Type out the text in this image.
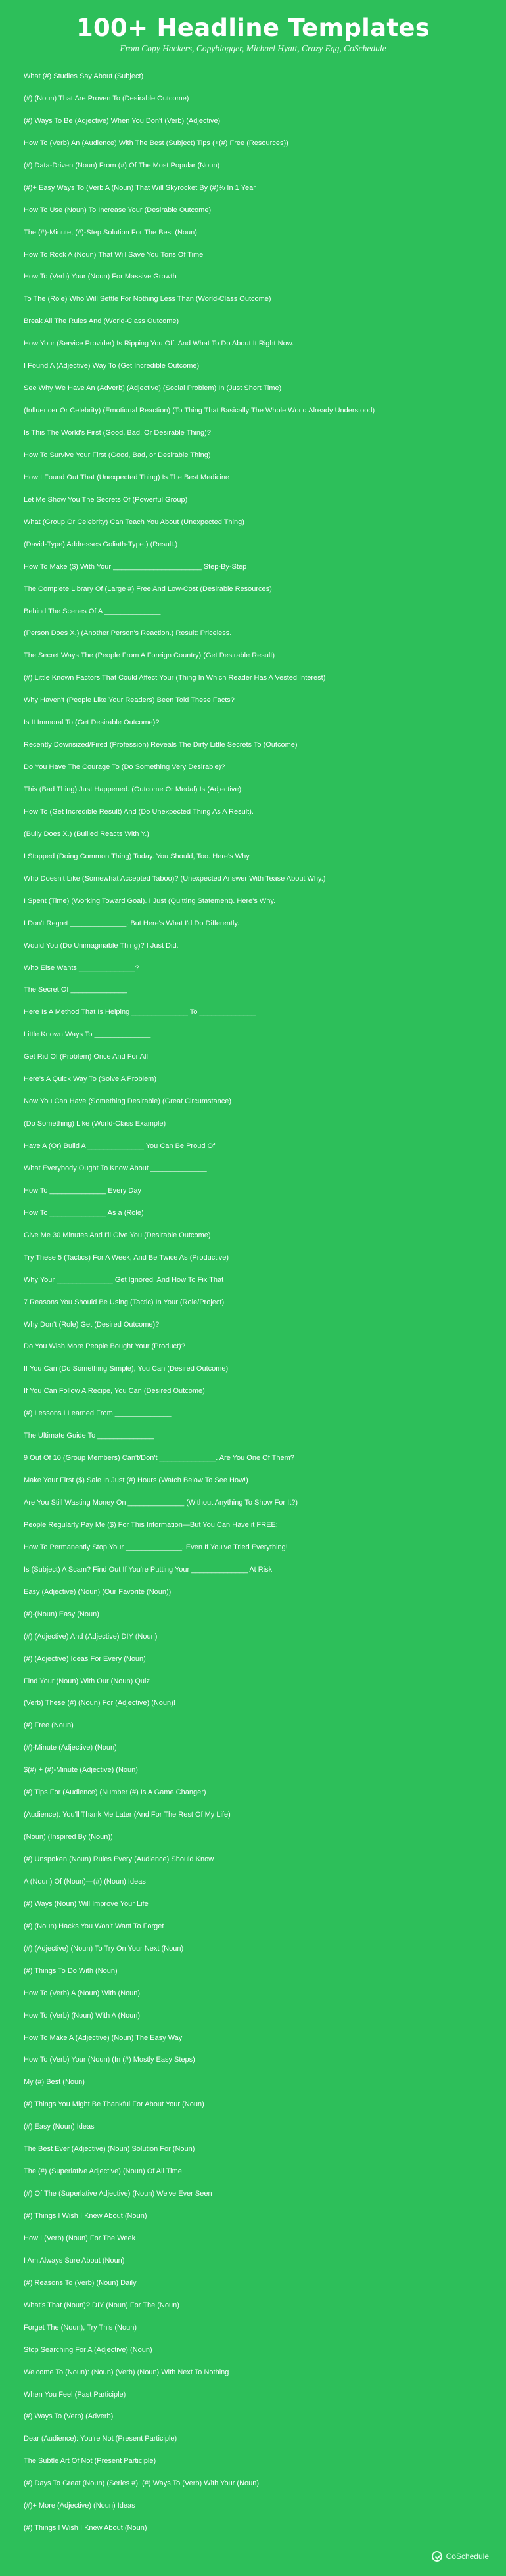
100+ Headline Templates
From Copy Hackers, Copyblogger, Michael Hyatt, Crazy Egg, CoSchedule
What (#) Studies Say About (Subject)
(#) (Noun) That Are Proven To (Desirable Outcome)
(#) Ways To Be (Adjective) When You Don't (Verb) (Adjective)
How To (Verb) An (Audience) With The Best (Subject) Tips (+(#) Free (Resources))
(#) Data-Driven (Noun) From (#) Of The Most Popular (Noun)
(#)+ Easy Ways To (Verb A (Noun) That Will Skyrocket By (#)% In 1 Year
How To Use (Noun) To Increase Your (Desirable Outcome)
The (#)-Minute, (#)-Step Solution For The Best (Noun)
How To Rock A (Noun) That Will Save You Tons Of Time
How To (Verb) Your (Noun) For Massive Growth
To The (Role) Who Will Settle For Nothing Less Than (World-Class Outcome)
Break All The Rules And (World-Class Outcome)
How Your (Service Provider) Is Ripping You Off. And What To Do About It Right Now.
I Found A (Adjective) Way To (Get Incredible Outcome)
See Why We Have An (Adverb) (Adjective) (Social Problem) In (Just Short Time)
(Influencer Or Celebrity) (Emotional Reaction) (To Thing That Basically The Whole World Already Understood)
Is This The World's First (Good, Bad, Or Desirable Thing)?
How To Survive Your First (Good, Bad, or Desirable Thing)
How I Found Out That (Unexpected Thing) Is The Best Medicine
Let Me Show You The Secrets Of (Powerful Group)
What (Group Or Celebrity) Can Teach You About (Unexpected Thing)
(David-Type) Addresses Goliath-Type.) (Result.)
How To Make ($) With Your ______________________ Step-By-Step
The Complete Library Of (Large #) Free And Low-Cost (Desirable Resources)
Behind The Scenes Of A ______________
(Person Does X.) (Another Person's Reaction.) Result: Priceless.
The Secret Ways The (People From A Foreign Country) (Get Desirable Result)
(#) Little Known Factors That Could Affect Your (Thing In Which Reader Has A Vested Interest)
Why Haven't (People Like Your Readers) Been Told These Facts?
Is It Immoral To (Get Desirable Outcome)?
Recently Downsized/Fired (Profession) Reveals The Dirty Little Secrets To (Outcome)
Do You Have The Courage To (Do Something Very Desirable)?
This (Bad Thing) Just Happened. (Outcome Or Medal) Is (Adjective).
How To (Get Incredible Result) And (Do Unexpected Thing As A Result).
(Bully Does X.) (Bullied Reacts With Y.)
I Stopped (Doing Common Thing) Today. You Should, Too. Here's Why.
Who Doesn't Like (Somewhat Accepted Taboo)? (Unexpected Answer With Tease About Why.)
I Spent (Time) (Working Toward Goal). I Just (Quitting Statement). Here's Why.
I Don't Regret ______________. But Here's What I'd Do Differently.
Would You (Do Unimaginable Thing)? I Just Did.
Who Else Wants ______________?
The Secret Of ______________
Here Is A Method That Is Helping ______________ To ______________
Little Known Ways To ______________
Get Rid Of (Problem) Once And For All
Here's A Quick Way To (Solve A Problem)
Now You Can Have (Something Desirable) (Great Circumstance)
(Do Something) Like (World-Class Example)
Have A (Or) Build A ______________ You Can Be Proud Of
What Everybody Ought To Know About ______________
How To ______________ Every Day
How To ______________ As a (Role)
Give Me 30 Minutes And I'll Give You (Desirable Outcome)
Try These 5 (Tactics) For A Week, And Be Twice As (Productive)
Why Your ______________ Get Ignored, And How To Fix That
7 Reasons You Should Be Using (Tactic) In Your (Role/Project)
Why Don't (Role) Get (Desired Outcome)?
Do You Wish More People Bought Your (Product)?
If You Can (Do Something Simple), You Can (Desired Outcome)
If You Can Follow A Recipe, You Can (Desired Outcome)
(#) Lessons I Learned From ______________
The Ultimate Guide To ______________
9 Out Of 10 (Group Members) Can't/Don't ______________. Are You One Of Them?
Make Your First ($) Sale In Just (#) Hours (Watch Below To See How!)
Are You Still Wasting Money On ______________ (Without Anything To Show For It?)
People Regularly Pay Me ($) For This Information—But You Can Have it FREE:
How To Permanently Stop Your ______________, Even If You've Tried Everything!
Is (Subject) A Scam? Find Out If You're Putting Your ______________ At Risk
Easy (Adjective) (Noun) (Our Favorite (Noun))
(#)-(Noun) Easy (Noun)
(#) (Adjective) And (Adjective) DIY (Noun)
(#) (Adjective) Ideas For Every (Noun)
Find Your (Noun) With Our (Noun) Quiz
(Verb) These (#) (Noun) For (Adjective) (Noun)!
(#) Free (Noun)
(#)-Minute (Adjective) (Noun)
$(#) + (#)-Minute (Adjective) (Noun)
(#) Tips For (Audience) (Number (#) Is A Game Changer)
(Audience): You'll Thank Me Later (And For The Rest Of My Life)
(Noun) (Inspired By (Noun))
(#) Unspoken (Noun) Rules Every (Audience) Should Know
A (Noun) Of (Noun)—(#) (Noun) Ideas
(#) Ways (Noun) Will Improve Your Life
(#) (Noun) Hacks You Won't Want To Forget
(#) (Adjective) (Noun) To Try On Your Next (Noun)
(#) Things To Do With (Noun)
How To (Verb) A (Noun) With (Noun)
How To (Verb) (Noun) With A (Noun)
How To Make A (Adjective) (Noun) The Easy Way
How To (Verb) Your (Noun) (In (#) Mostly Easy Steps)
My (#) Best (Noun)
(#) Things You Might Be Thankful For About Your (Noun)
(#) Easy (Noun) Ideas
The Best Ever (Adjective) (Noun) Solution For (Noun)
The (#) (Superlative Adjective) (Noun) Of All Time
(#) Of The (Superlative Adjective) (Noun) We've Ever Seen
(#) Things I Wish I Knew About (Noun)
How I (Verb) (Noun) For The Week
I Am Always Sure About (Noun)
(#) Reasons To (Verb) (Noun) Daily
What's That (Noun)? DIY (Noun) For The (Noun)
Forget The (Noun), Try This (Noun)
Stop Searching For A (Adjective) (Noun)
Welcome To (Noun): (Noun) (Verb) (Noun) With Next To Nothing
When You Feel (Past Participle)
(#) Ways To (Verb) (Adverb)
Dear (Audience): You're Not (Present Participle)
The Subtle Art Of Not (Present Participle)
(#) Days To Great (Noun) (Series #): (#) Ways To (Verb) With Your (Noun)
(#)+ More (Adjective) (Noun) Ideas
(#) Things I Wish I Knew About (Noun)
CoSchedule
